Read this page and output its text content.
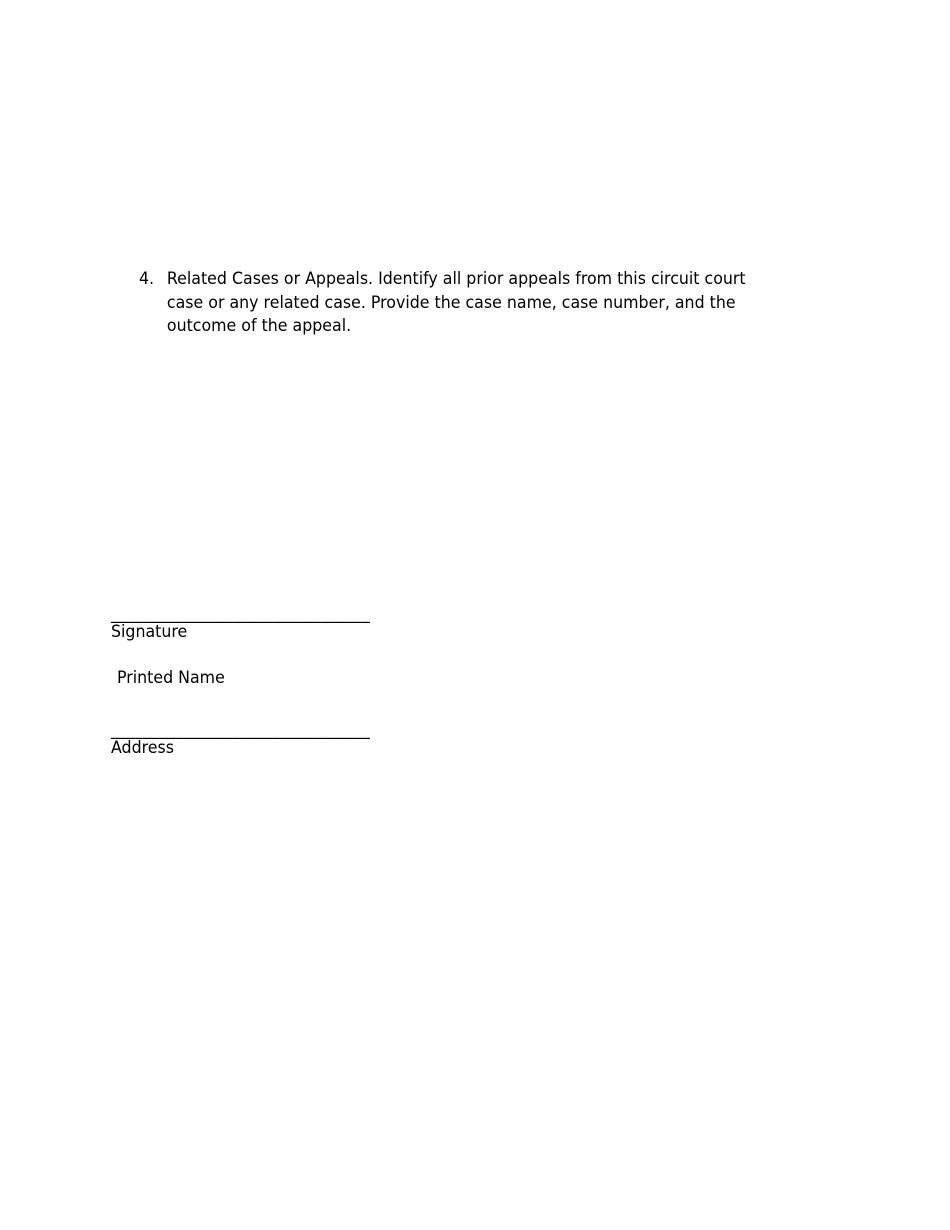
4. Related Cases or Appeals. Identify all prior appeals from this circuit court case or any related case. Provide the case name, case number, and the outcome of the appeal.
________________________________
Signature
Printed Name
________________________________
Address
